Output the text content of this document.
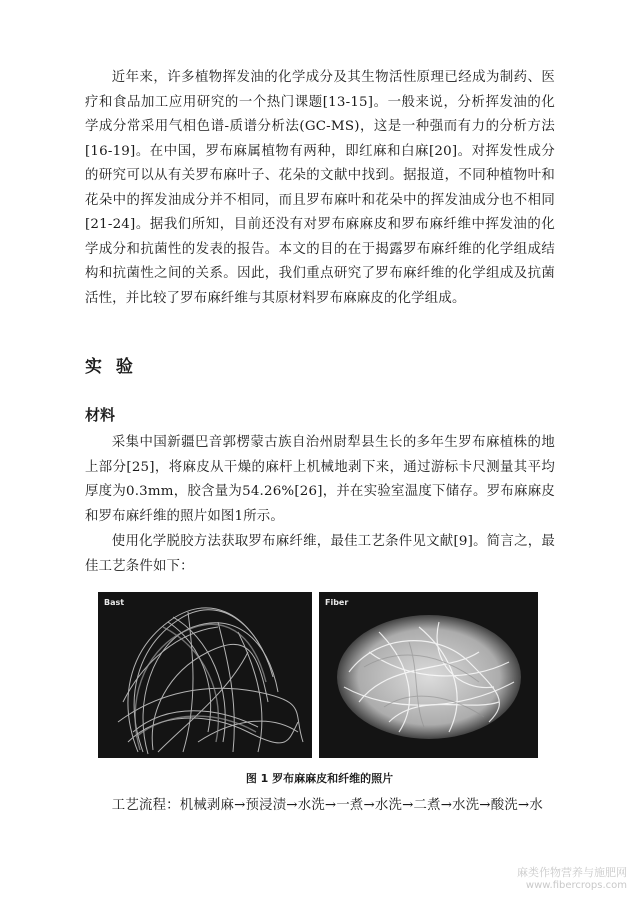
近年来，许多植物挥发油的化学成分及其生物活性原理已经成为制药、医疗和食品加工应用研究的一个热门课题[13-15]。一般来说，分析挥发油的化学成分常采用气相色谱-质谱分析法(GC-MS)，这是一种强而有力的分析方法[16-19]。在中国，罗布麻属植物有两种，即红麻和白麻[20]。对挥发性成分的研究可以从有关罗布麻叶子、花朵的文献中找到。据报道，不同种植物叶和花朵中的挥发油成分并不相同，而且罗布麻叶和花朵中的挥发油成分也不相同[21-24]。据我们所知，目前还没有对罗布麻麻皮和罗布麻纤维中挥发油的化学成分和抗菌性的发表的报告。本文的目的在于揭露罗布麻纤维的化学组成结构和抗菌性之间的关系。因此，我们重点研究了罗布麻纤维的化学组成及抗菌活性，并比较了罗布麻纤维与其原材料罗布麻麻皮的化学组成。

实 验
材料

采集中国新疆巴音郭楞蒙古族自治州尉犁县生长的多年生罗布麻植株的地上部分[25]，将麻皮从干燥的麻杆上机械地剥下来，通过游标卡尺测量其平均厚度为0.3mm，胶含量为54.26%[26]，并在实验室温度下储存。罗布麻麻皮和罗布麻纤维的照片如图1所示。

使用化学脱胶方法获取罗布麻纤维，最佳工艺条件见文献[9]。简言之，最佳工艺条件如下：

Bast	Fiber

图 1 罗布麻麻皮和纤维的照片

工艺流程：机械剥麻→预浸渍→水洗→一煮→水洗→二煮→水洗→酸洗→水

麻类作物营养与施肥网
www.fibercrops.com
